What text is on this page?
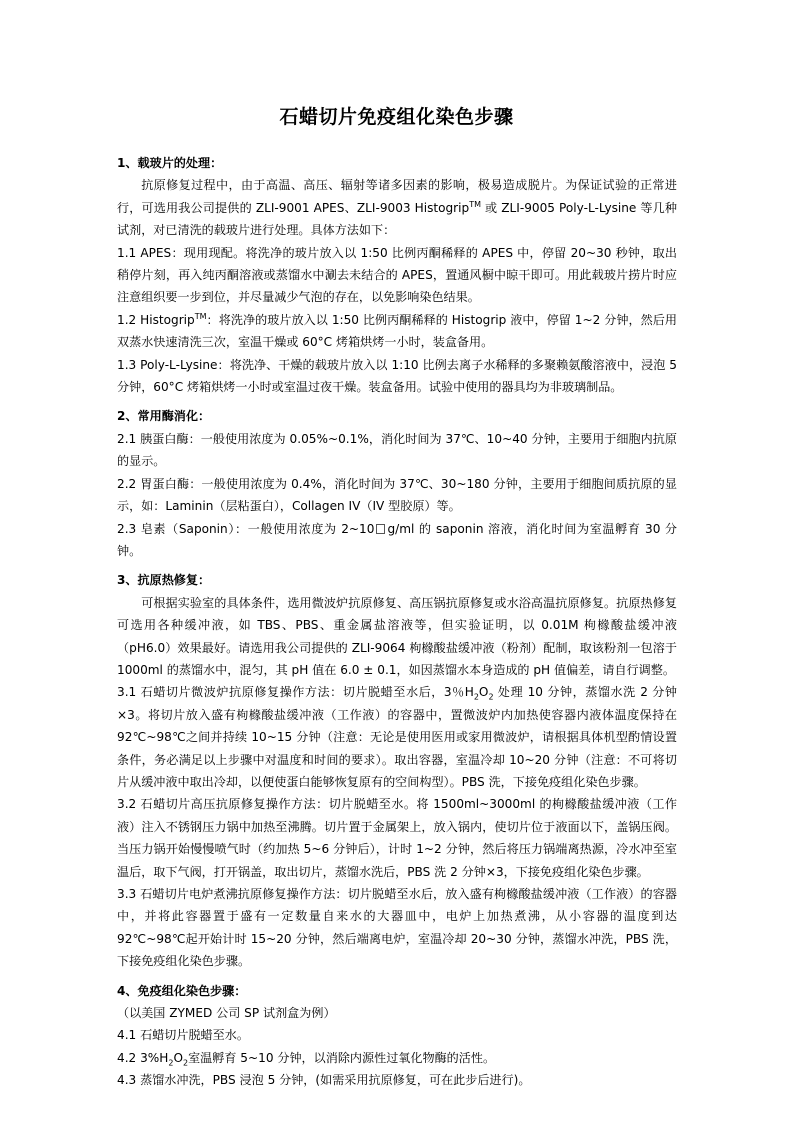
石蜡切片免疫组化染色步骤

1、载玻片的处理：

抗原修复过程中，由于高温、高压、辐射等诸多因素的影响，极易造成脱片。为保证试验的正常进行，可选用我公司提供的 ZLI-9001 APES、ZLI-9003 Histogrip™ 或 ZLI-9005 Poly-L-Lysine 等几种试剂，对已清洗的载玻片进行处理。具体方法如下：

1.1 APES：现用现配。将洗净的玻片放入以 1:50 比例丙酮稀释的 APES 中，停留 20~30 秒钟，取出稍停片刻，再入纯丙酮溶液或蒸馏水中涮去未结合的 APES，置通风橱中晾干即可。用此载玻片捞片时应注意组织要一步到位，并尽量减少气泡的存在，以免影响染色结果。

1.2 Histogrip™：将洗净的玻片放入以 1:50 比例丙酮稀释的 Histogrip 液中，停留 1~2 分钟，然后用双蒸水快速清洗三次，室温干燥或 60°C 烤箱烘烤一小时，装盒备用。

1.3 Poly-L-Lysine：将洗净、干燥的载玻片放入以 1:10 比例去离子水稀释的多聚赖氨酸溶液中，浸泡 5 分钟，60°C 烤箱烘烤一小时或室温过夜干燥。装盒备用。试验中使用的器具均为非玻璃制品。

2、常用酶消化：

2.1 胰蛋白酶：一般使用浓度为 0.05%~0.1%，消化时间为 37℃、10~40 分钟，主要用于细胞内抗原的显示。

2.2 胃蛋白酶：一般使用浓度为 0.4%，消化时间为 37℃、30~180 分钟，主要用于细胞间质抗原的显示，如：Laminin（层粘蛋白），Collagen IV（IV 型胶原）等。

2.3 皂素（Saponin）：一般使用浓度为 2~10 g/ml 的 saponin 溶液，消化时间为室温孵育 30 分钟。

3、抗原热修复：

可根据实验室的具体条件，选用微波炉抗原修复、高压锅抗原修复或水浴高温抗原修复。抗原热修复可选用各种缓冲液，如 TBS、PBS、重金属盐溶液等，但实验证明，以 0.01M 枸橼酸盐缓冲液（pH6.0）效果最好。请选用我公司提供的 ZLI-9064 枸橼酸盐缓冲液（粉剂）配制，取该粉剂一包溶于 1000ml 的蒸馏水中，混匀，其 pH 值在 6.0 ± 0.1，如因蒸馏水本身造成的 pH 值偏差，请自行调整。

3.1 石蜡切片微波炉抗原修复操作方法：切片脱蜡至水后，3％$H_2O_2$ 处理 10 分钟，蒸馏水洗 2 分钟×3。将切片放入盛有枸橼酸盐缓冲液（工作液）的容器中，置微波炉内加热使容器内液体温度保持在 92℃~98℃之间并持续 10~15 分钟（注意：无论是使用医用或家用微波炉，请根据具体机型酌情设置条件，务必满足以上步骤中对温度和时间的要求）。取出容器，室温冷却 10~20 分钟（注意：不可将切片从缓冲液中取出冷却，以便使蛋白能够恢复原有的空间构型）。PBS 洗，下接免疫组化染色步骤。

3.2 石蜡切片高压抗原修复操作方法：切片脱蜡至水。将 1500ml~3000ml 的枸橼酸盐缓冲液（工作液）注入不锈钢压力锅中加热至沸腾。切片置于金属架上，放入锅内，使切片位于液面以下，盖锅压阀。当压力锅开始慢慢喷气时（约加热 5~6 分钟后），计时 1~2 分钟，然后将压力锅端离热源，冷水冲至室温后，取下气阀，打开锅盖，取出切片，蒸馏水洗后，PBS 洗 2 分钟×3，下接免疫组化染色步骤。

3.3 石蜡切片电炉煮沸抗原修复操作方法：切片脱蜡至水后，放入盛有枸橼酸盐缓冲液（工作液）的容器中，并将此容器置于盛有一定数量自来水的大器皿中，电炉上加热煮沸，从小容器的温度到达 92℃~98℃起开始计时 15~20 分钟，然后端离电炉，室温冷却 20~30 分钟，蒸馏水冲洗，PBS 洗，下接免疫组化染色步骤。

4、免疫组化染色步骤：

（以美国 ZYMED 公司 SP 试剂盒为例）

4.1 石蜡切片脱蜡至水。

4.2 $3\%H_2O_2$室温孵育 5~10 分钟，以消除内源性过氧化物酶的活性。

4.3 蒸馏水冲洗，PBS 浸泡 5 分钟，(如需采用抗原修复，可在此步后进行)。
